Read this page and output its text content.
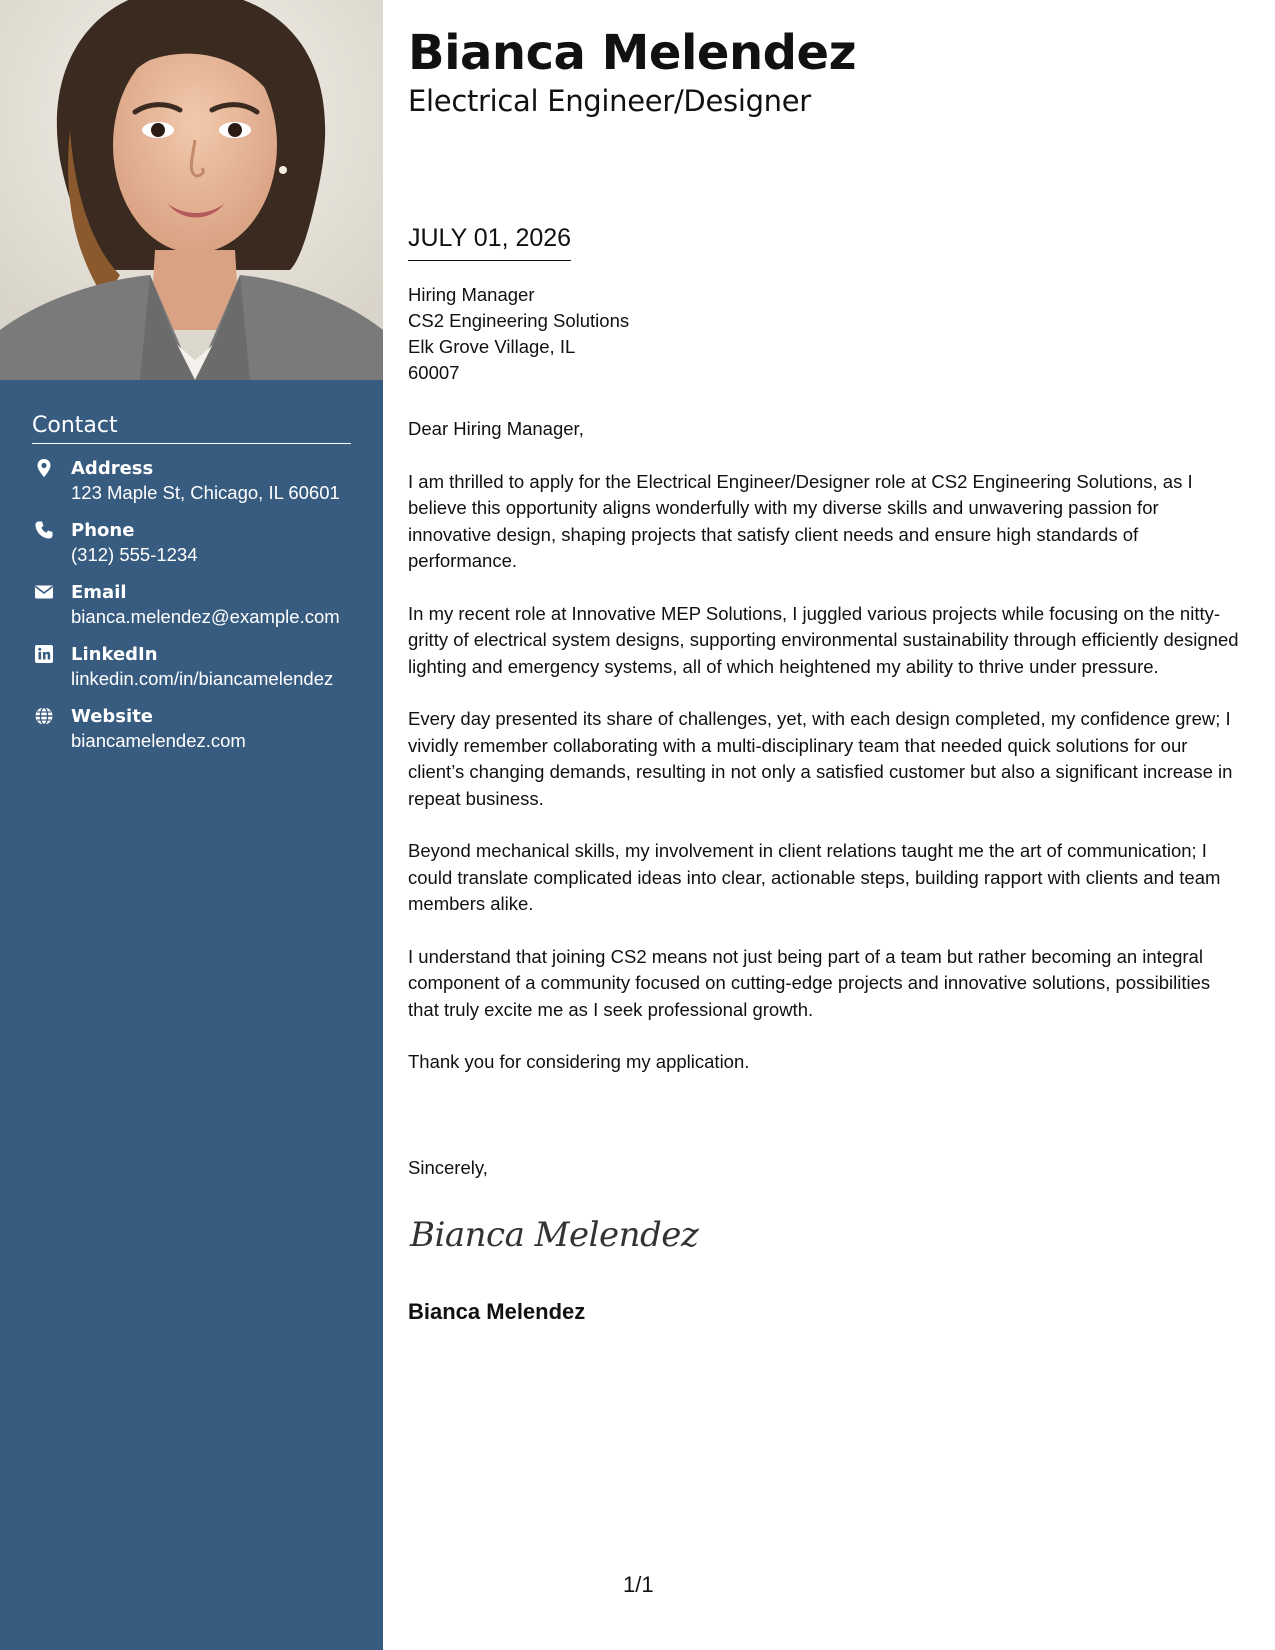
Contact
Address
123 Maple St, Chicago, IL 60601
Phone
(312) 555-1234
Email
bianca.melendez@example.com
LinkedIn
linkedin.com/in/biancamelendez
Website
biancamelendez.com
Bianca Melendez
Electrical Engineer/Designer
JULY 01, 2026
Hiring Manager
CS2 Engineering Solutions
Elk Grove Village, IL
60007
Dear Hiring Manager,

I am thrilled to apply for the Electrical Engineer/Designer role at CS2 Engineering Solutions, as I believe this opportunity aligns wonderfully with my diverse skills and unwavering passion for innovative design, shaping projects that satisfy client needs and ensure high standards of performance.

In my recent role at Innovative MEP Solutions, I juggled various projects while focusing on the nitty-gritty of electrical system designs, supporting environmental sustainability through efficiently designed lighting and emergency systems, all of which heightened my ability to thrive under pressure.

Every day presented its share of challenges, yet, with each design completed, my confidence grew; I vividly remember collaborating with a multi-disciplinary team that needed quick solutions for our client’s changing demands, resulting in not only a satisfied customer but also a significant increase in repeat business.

Beyond mechanical skills, my involvement in client relations taught me the art of communication; I could translate complicated ideas into clear, actionable steps, building rapport with clients and team members alike.

I understand that joining CS2 means not just being part of a team but rather becoming an integral component of a community focused on cutting-edge projects and innovative solutions, possibilities that truly excite me as I seek professional growth.

Thank you for considering my application.

Sincerely,
Bianca Melendez
Bianca Melendez
1/1
